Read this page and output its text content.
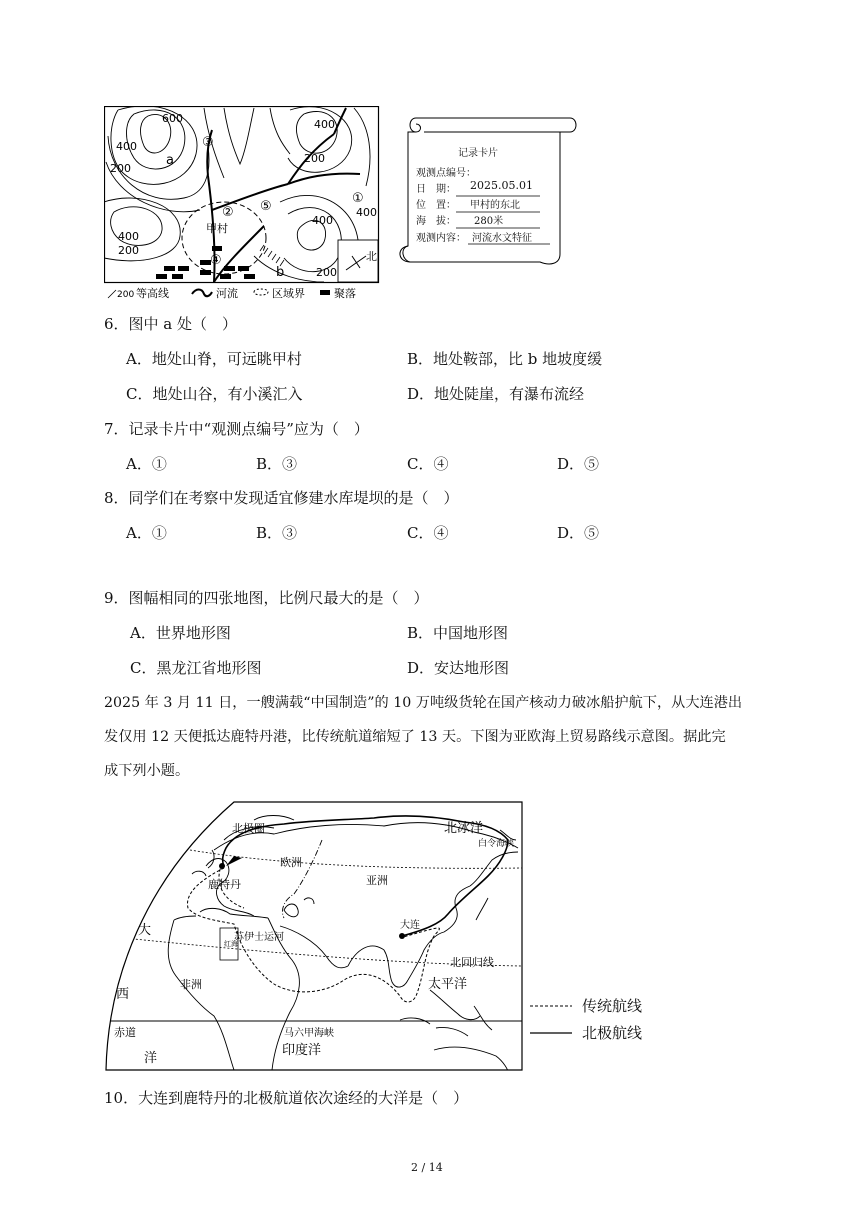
600
400
200
a
400
200
400
200
400
400
200
b
甲村
北
③
②
④
⑤
①
200 等高线	河流	区域界	聚落
记录卡片
观测点编号：
日　期： 2025.05.01
位　置： 甲村的东北
海　拔： 280米
观测内容： 河流水文特征
6．图中 a 处（　）
A．地处山脊，可远眺甲村	B．地处鞍部，比 b 地坡度缓
C．地处山谷，有小溪汇入	D．地处陡崖，有瀑布流经
7．记录卡片中“观测点编号”应为（　）
A．①	B．③	C．④	D．⑤
8．同学们在考察中发现适宜修建水库堤坝的是（　）
A．①	B．③	C．④	D．⑤
9．图幅相同的四张地图，比例尺最大的是（　）
A．世界地形图	B．中国地形图
C．黑龙江省地形图	D．安达地形图
2025 年 3 月 11 日，一艘满载“中国制造”的 10 万吨级货轮在国产核动力破冰船护航下，从大连港出
发仅用 12 天便抵达鹿特丹港，比传统航道缩短了 13 天。下图为亚欧海上贸易路线示意图。据此完
成下列小题。
北极圈	北冰洋
白令海峡
欧洲
鹿特丹	亚洲
大连
苏伊士运河
红海
北回归线
非洲	太平洋
赤道	马六甲海峡
印度洋
大
西
洋
传统航线
北极航线
10．大连到鹿特丹的北极航道依次途经的大洋是（　）
2 / 14
